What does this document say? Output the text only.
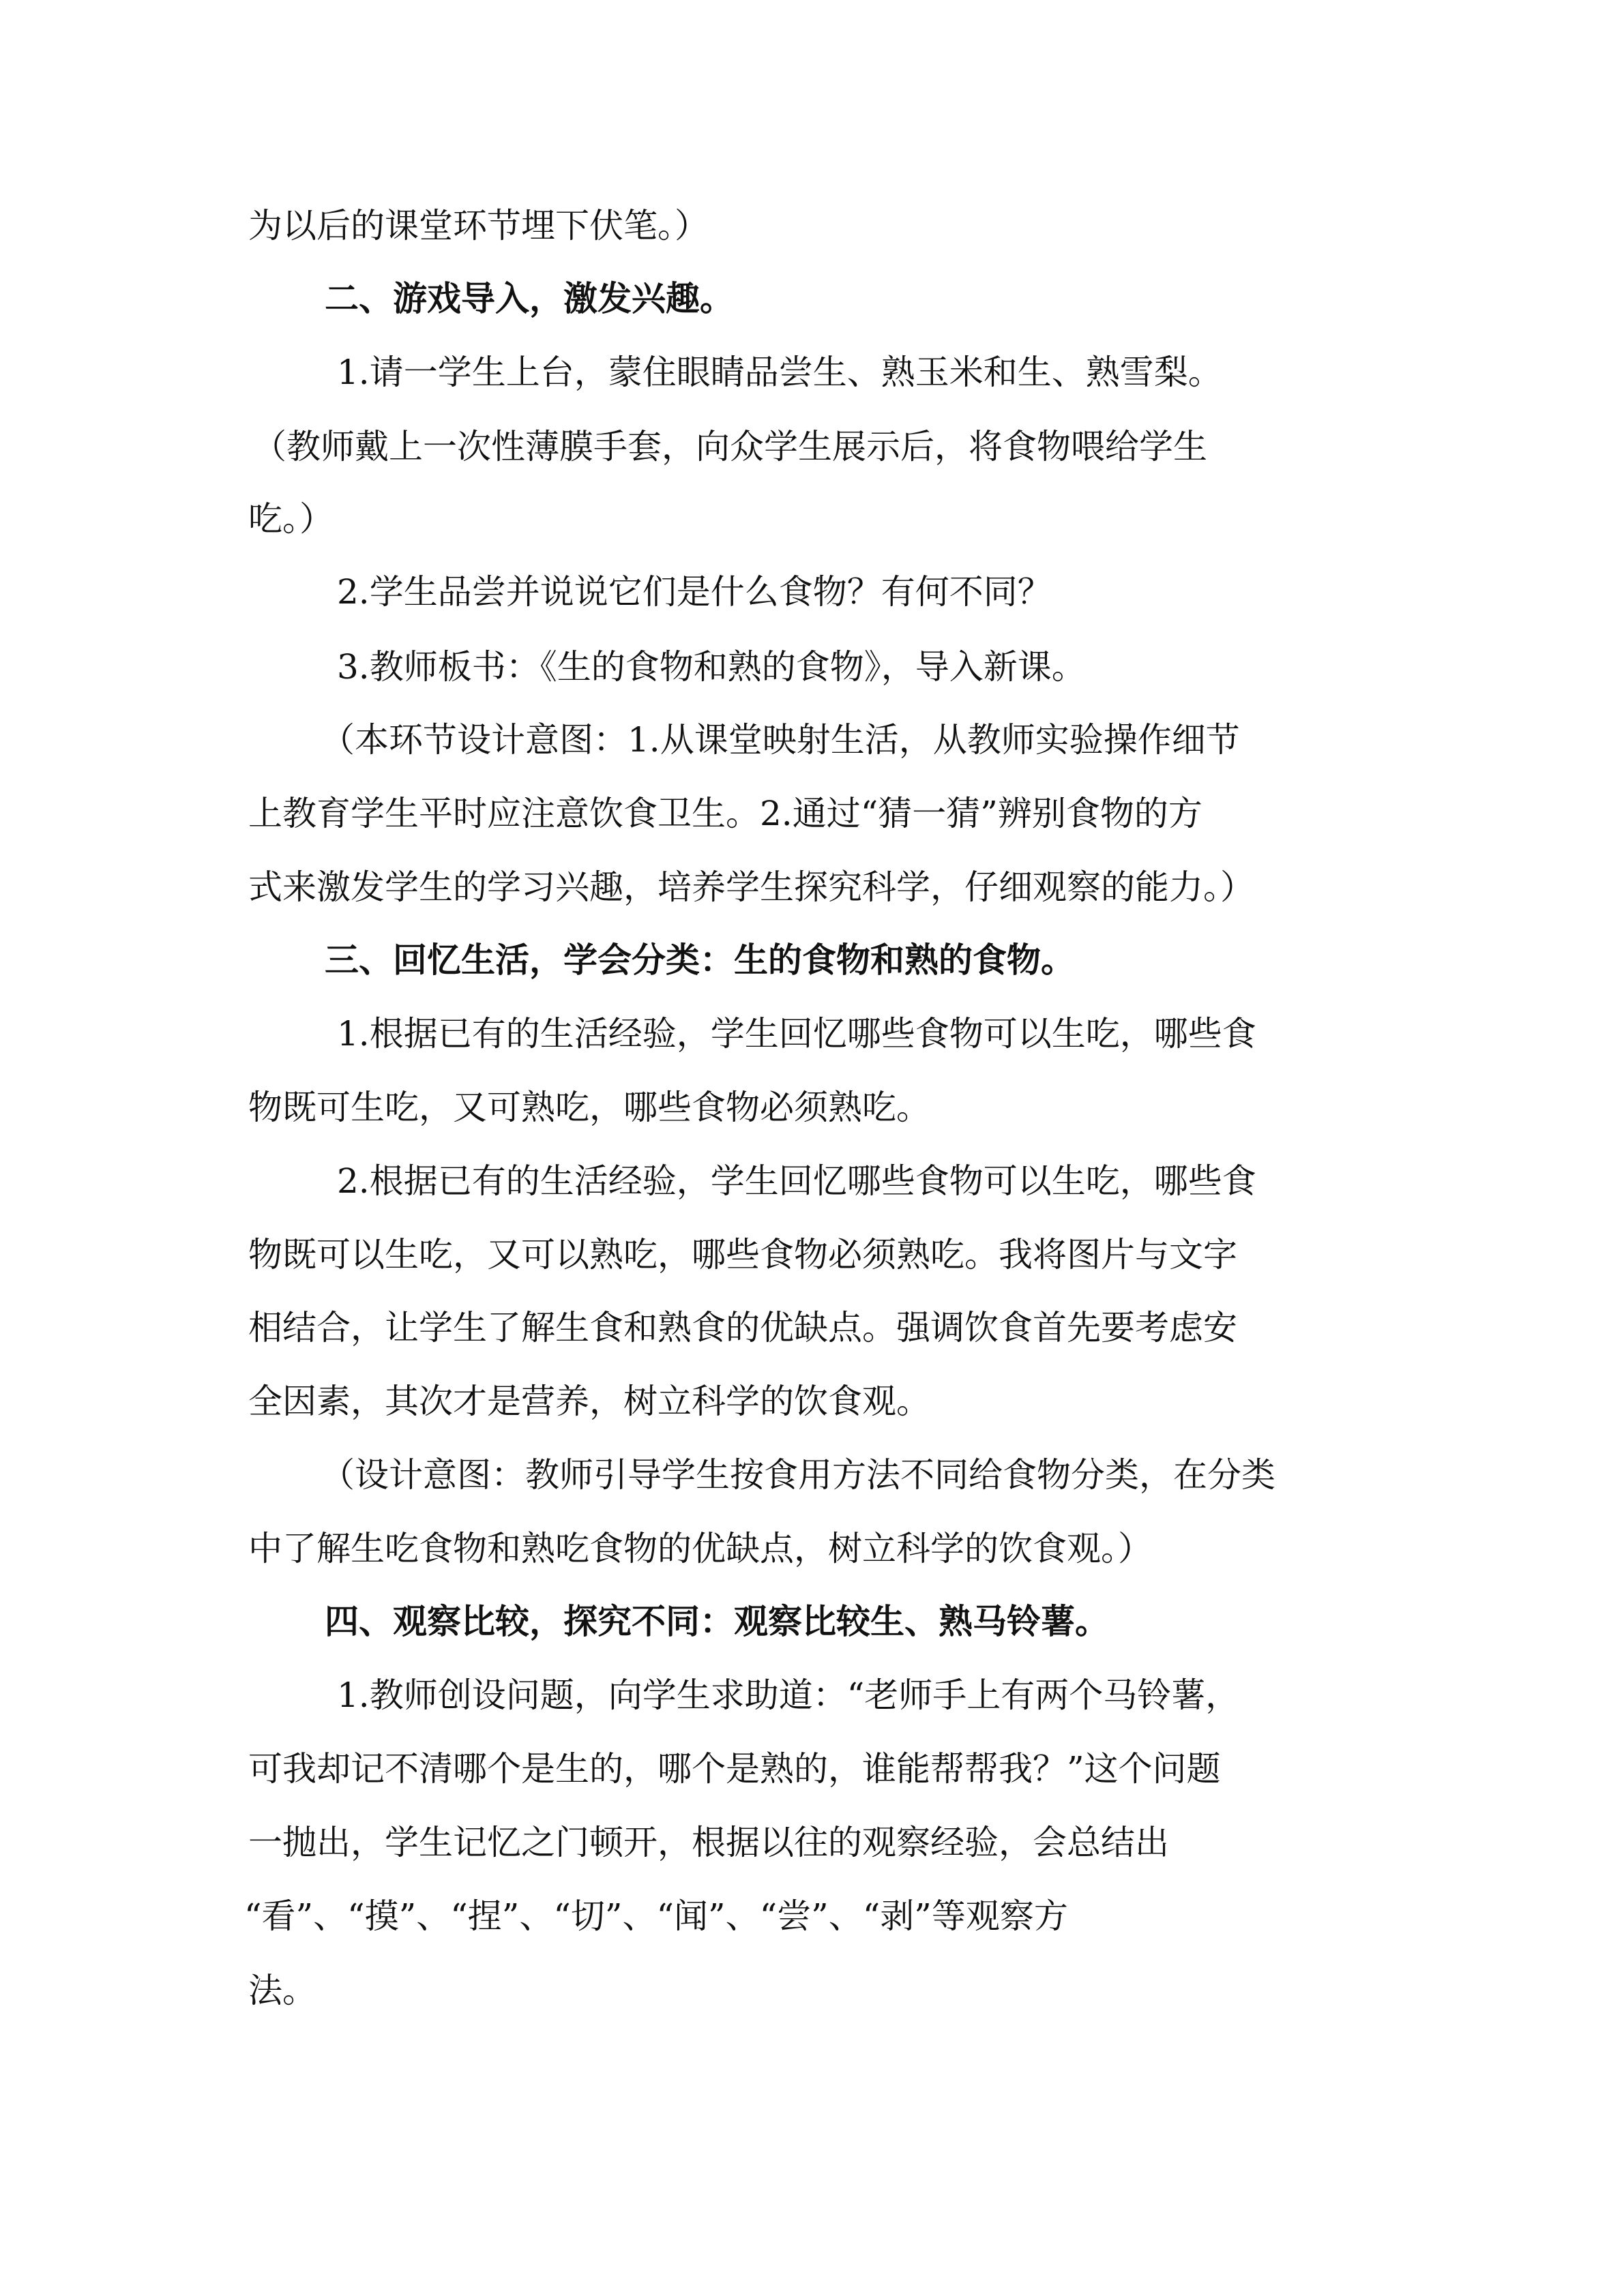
为以后的课堂环节埋下伏笔。）
二、游戏导入，激发兴趣。
1.请一学生上台，蒙住眼睛品尝生、熟玉米和生、熟雪梨。
（教师戴上一次性薄膜手套，向众学生展示后，将食物喂给学生
吃。）
2.学生品尝并说说它们是什么食物？有何不同？
3.教师板书：《生的食物和熟的食物》，导入新课。
（本环节设计意图：1.从课堂映射生活，从教师实验操作细节
上教育学生平时应注意饮食卫生。2.通过“猜一猜”辨别食物的方
式来激发学生的学习兴趣，培养学生探究科学，仔细观察的能力。）
三、回忆生活，学会分类：生的食物和熟的食物。
1.根据已有的生活经验，学生回忆哪些食物可以生吃，哪些食
物既可生吃，又可熟吃，哪些食物必须熟吃。
2.根据已有的生活经验，学生回忆哪些食物可以生吃，哪些食
物既可以生吃，又可以熟吃，哪些食物必须熟吃。我将图片与文字
相结合，让学生了解生食和熟食的优缺点。强调饮食首先要考虑安
全因素，其次才是营养，树立科学的饮食观。
（设计意图：教师引导学生按食用方法不同给食物分类，在分类
中了解生吃食物和熟吃食物的优缺点，树立科学的饮食观。）
四、观察比较，探究不同：观察比较生、熟马铃薯。
1.教师创设问题，向学生求助道：“老师手上有两个马铃薯，
可我却记不清哪个是生的，哪个是熟的，谁能帮帮我？”这个问题
一抛出，学生记忆之门顿开，根据以往的观察经验，会总结出
“看”、“摸”、“捏”、“切”、“闻”、“尝”、“剥”等观察方
法。
